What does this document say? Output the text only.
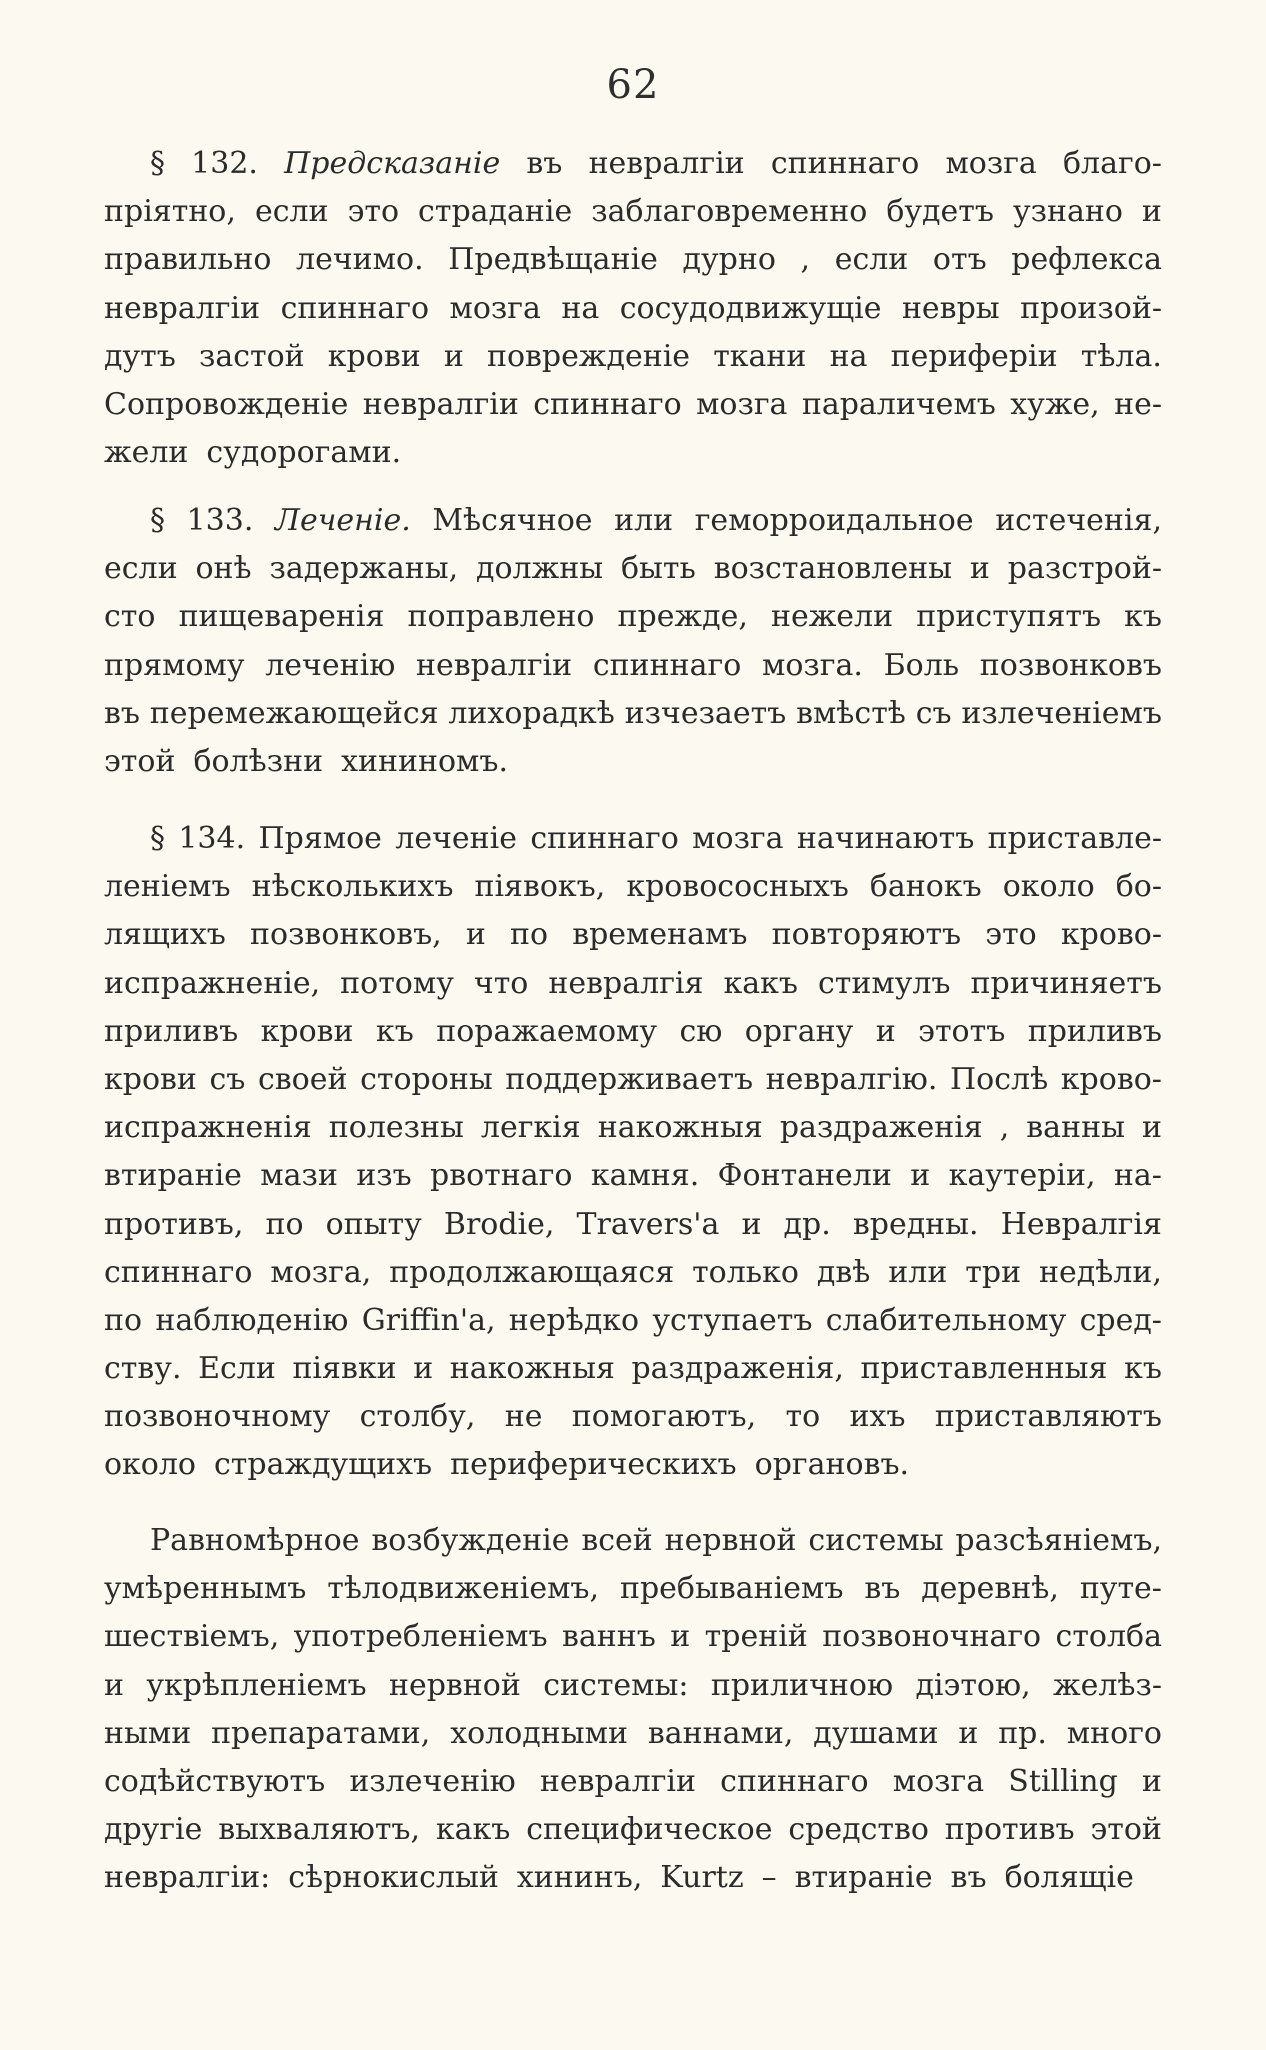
62
§ 132. Предсказаніе въ невралгіи спиннаго мозга благо-
пріятно, если это страданіе заблаговременно будетъ узнано и
правильно лечимо. Предвѣщаніе дурно , если отъ рефлекса
невралгіи спиннаго мозга на сосудодвижущіе невры произой-
дутъ застой крови и поврежденіе ткани на периферіи тѣла.
Сопровожденіе невралгіи спиннаго мозга параличемъ хуже, не-
жели судорогами.
§ 133. Леченіе. Мѣсячное или геморроидальное истеченія,
если онѣ задержаны, должны быть возстановлены и разстрой-
сто пищеваренія поправлено прежде, нежели приступятъ къ
прямому леченію невралгіи спиннаго мозга. Боль позвонковъ
въ перемежающейся лихорадкѣ изчезаетъ вмѣстѣ съ излеченіемъ
этой болѣзни хининомъ.
§ 134. Прямое леченіе спиннаго мозга начинаютъ приставле-
леніемъ нѣсколькихъ піявокъ, кровососныхъ банокъ около бо-
лящихъ позвонковъ, и по временамъ повторяютъ это крово-
испражненіе, потому что невралгія какъ стимулъ причиняетъ
приливъ крови къ поражаемому сю органу и этотъ приливъ
крови съ своей стороны поддерживаетъ невралгію. Послѣ крово-
испражненія полезны легкія накожныя раздраженія , ванны и
втираніе мази изъ рвотнаго камня. Фонтанели и каутеріи, на-
противъ, по опыту Brodie, Travers'a и др. вредны. Невралгія
спиннаго мозга, продолжающаяся только двѣ или три недѣли,
по наблюденію Griffin'a, нерѣдко уступаетъ слабительному сред-
ству. Если піявки и накожныя раздраженія, приставленныя къ
позвоночному столбу, не помогаютъ, то ихъ приставляютъ
около страждущихъ периферическихъ органовъ.
Равномѣрное возбужденіе всей нервной системы разсѣяніемъ,
умѣреннымъ тѣлодвиженіемъ, пребываніемъ въ деревнѣ, путе-
шествіемъ, употребленіемъ ваннъ и треній позвоночнаго столба
и укрѣпленіемъ нервной системы: приличною діэтою, желѣз-
ными препаратами, холодными ваннами, душами и пр. много
содѣйствуютъ излеченію невралгіи спиннаго мозга Stilling и
другіе выхваляютъ, какъ специфическое средство противъ этой
невралгіи: сѣрнокислый хининъ, Kurtz – втираніе въ болящіе
